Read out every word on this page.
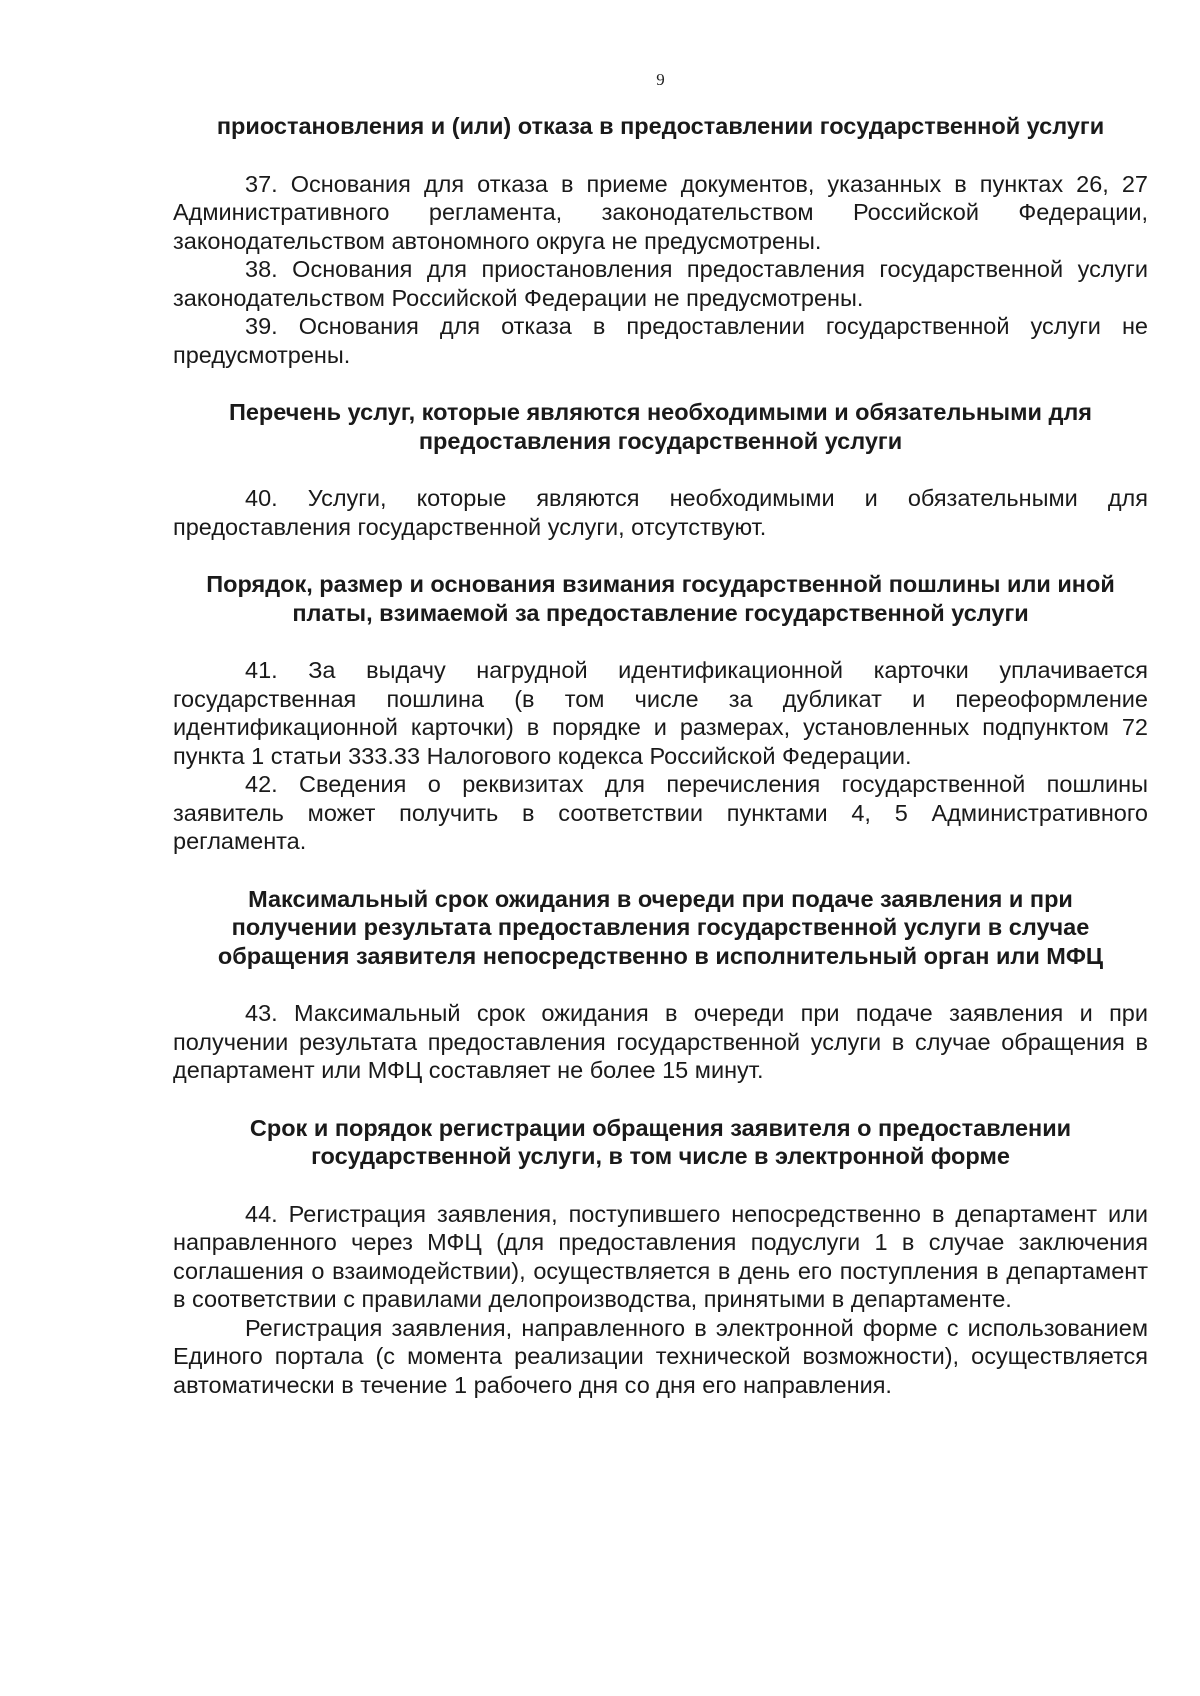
9

приостановления и (или) отказа в предоставлении государственной услуги

37. Основания для отказа в приеме документов, указанных в пунктах 26, 27 Административного регламента, законодательством Российской Федерации, законодательством автономного округа не предусмотрены.

38. Основания для приостановления предоставления государственной услуги законодательством Российской Федерации не предусмотрены.

39. Основания для отказа в предоставлении государственной услуги не предусмотрены.

Перечень услуг, которые являются необходимыми и обязательными для предоставления государственной услуги

40. Услуги, которые являются необходимыми и обязательными для предоставления государственной услуги, отсутствуют.

Порядок, размер и основания взимания государственной пошлины или иной платы, взимаемой за предоставление государственной услуги

41. За выдачу нагрудной идентификационной карточки уплачивается государственная пошлина (в том числе за дубликат и переоформление идентификационной карточки) в порядке и размерах, установленных подпунктом 72 пункта 1 статьи 333.33 Налогового кодекса Российской Федерации.

42. Сведения о реквизитах для перечисления государственной пошлины заявитель может получить в соответствии пунктами 4, 5 Административного регламента.

Максимальный срок ожидания в очереди при подаче заявления и при получении результата предоставления государственной услуги в случае обращения заявителя непосредственно в исполнительный орган или МФЦ

43. Максимальный срок ожидания в очереди при подаче заявления и при получении результата предоставления государственной услуги в случае обращения в департамент или МФЦ составляет не более 15 минут.

Срок и порядок регистрации обращения заявителя о предоставлении государственной услуги, в том числе в электронной форме

44. Регистрация заявления, поступившего непосредственно в департамент или направленного через МФЦ (для предоставления подуслуги 1 в случае заключения соглашения о взаимодействии), осуществляется в день его поступления в департамент в соответствии с правилами делопроизводства, принятыми в департаменте.

Регистрация заявления, направленного в электронной форме с использованием Единого портала (с момента реализации технической возможности), осуществляется автоматически в течение 1 рабочего дня со дня его направления.
